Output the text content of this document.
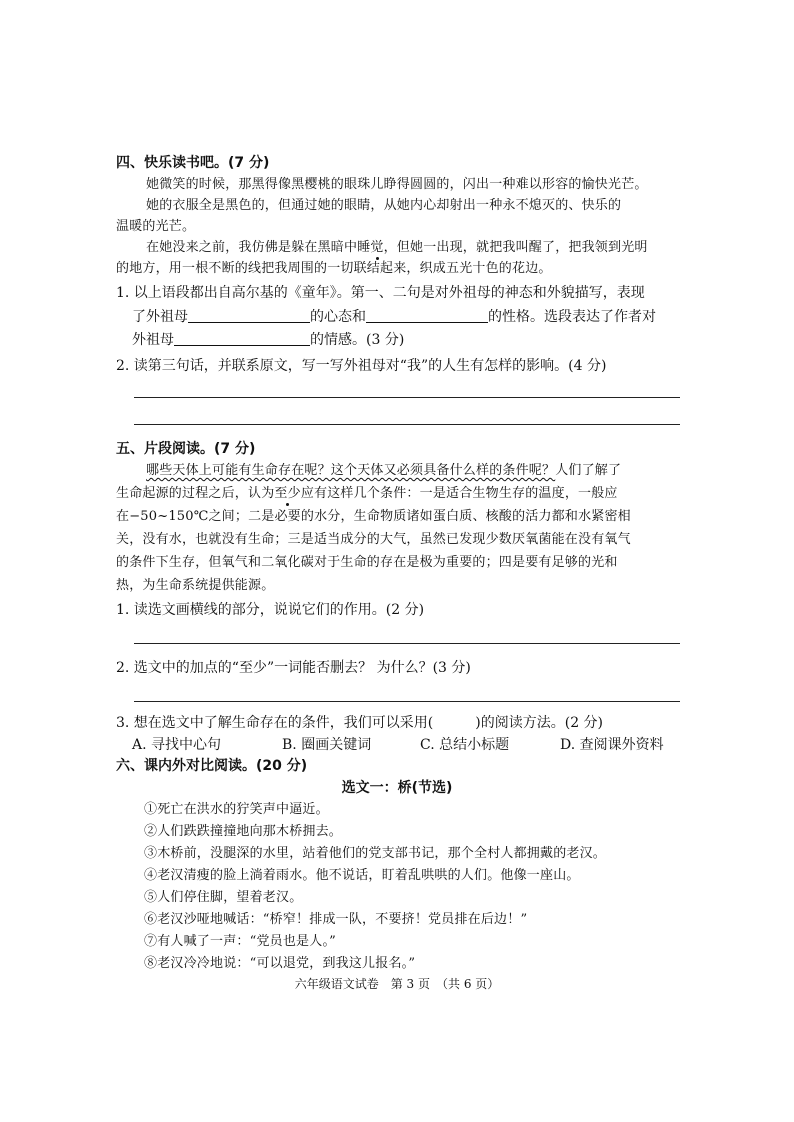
四、快乐读书吧。(7 分)
她微笑的时候，那黑得像黑樱桃的眼珠儿睁得圆圆的，闪出一种难以形容的愉快光芒。
她的衣服全是黑色的，但通过她的眼睛，从她内心却射出一种永不熄灭的、快乐的
温暖的光芒。
在她没来之前，我仿佛是躲在黑暗中睡觉，但她一出现，就把我叫醒了，把我领到光明
的地方，用一根不断的线把我周围的一切联结起来，织成五光十色的花边。
1. 以上语段都出自高尔基的《童年》。第一、二句是对外祖母的神态和外貌描写，表现
了外祖母	的心态和	的性格。选段表达了作者对
外祖母	的情感。(3 分)
2. 读第三句话，并联系原文，写一写外祖母对“我”的人生有怎样的影响。(4 分)
五、片段阅读。(7 分)
哪些天体上可能有生命存在呢？这个天体又必须具备什么样的条件呢？人们了解了
生命起源的过程之后，认为至少应有这样几个条件：一是适合生物生存的温度，一般应
在−50~150℃之间；二是必要的水分，生命物质诸如蛋白质、核酸的活力都和水紧密相
关，没有水，也就没有生命；三是适当成分的大气，虽然已发现少数厌氧菌能在没有氧气
的条件下生存，但氧气和二氧化碳对于生命的存在是极为重要的；四是要有足够的光和
热，为生命系统提供能源。
1. 读选文画横线的部分，说说它们的作用。(2 分)
2. 选文中的加点的“至少”一词能否删去？ 为什么？(3 分)
3. 想在选文中了解生命存在的条件，我们可以采用(　　　)的阅读方法。(2 分)
A. 寻找中心句	B. 圈画关键词	C. 总结小标题	D. 查阅课外资料
六、课内外对比阅读。(20 分)
选文一：桥(节选)
①死亡在洪水的狞笑声中逼近。
②人们跌跌撞撞地向那木桥拥去。
③木桥前，没腿深的水里，站着他们的党支部书记，那个全村人都拥戴的老汉。
④老汉清瘦的脸上淌着雨水。他不说话，盯着乱哄哄的人们。他像一座山。
⑤人们停住脚，望着老汉。
⑥老汉沙哑地喊话：“桥窄！排成一队，不要挤！党员排在后边！”
⑦有人喊了一声：“党员也是人。”
⑧老汉冷冷地说：“可以退党，到我这儿报名。”
六年级语文试卷　第 3 页　（共 6 页）
